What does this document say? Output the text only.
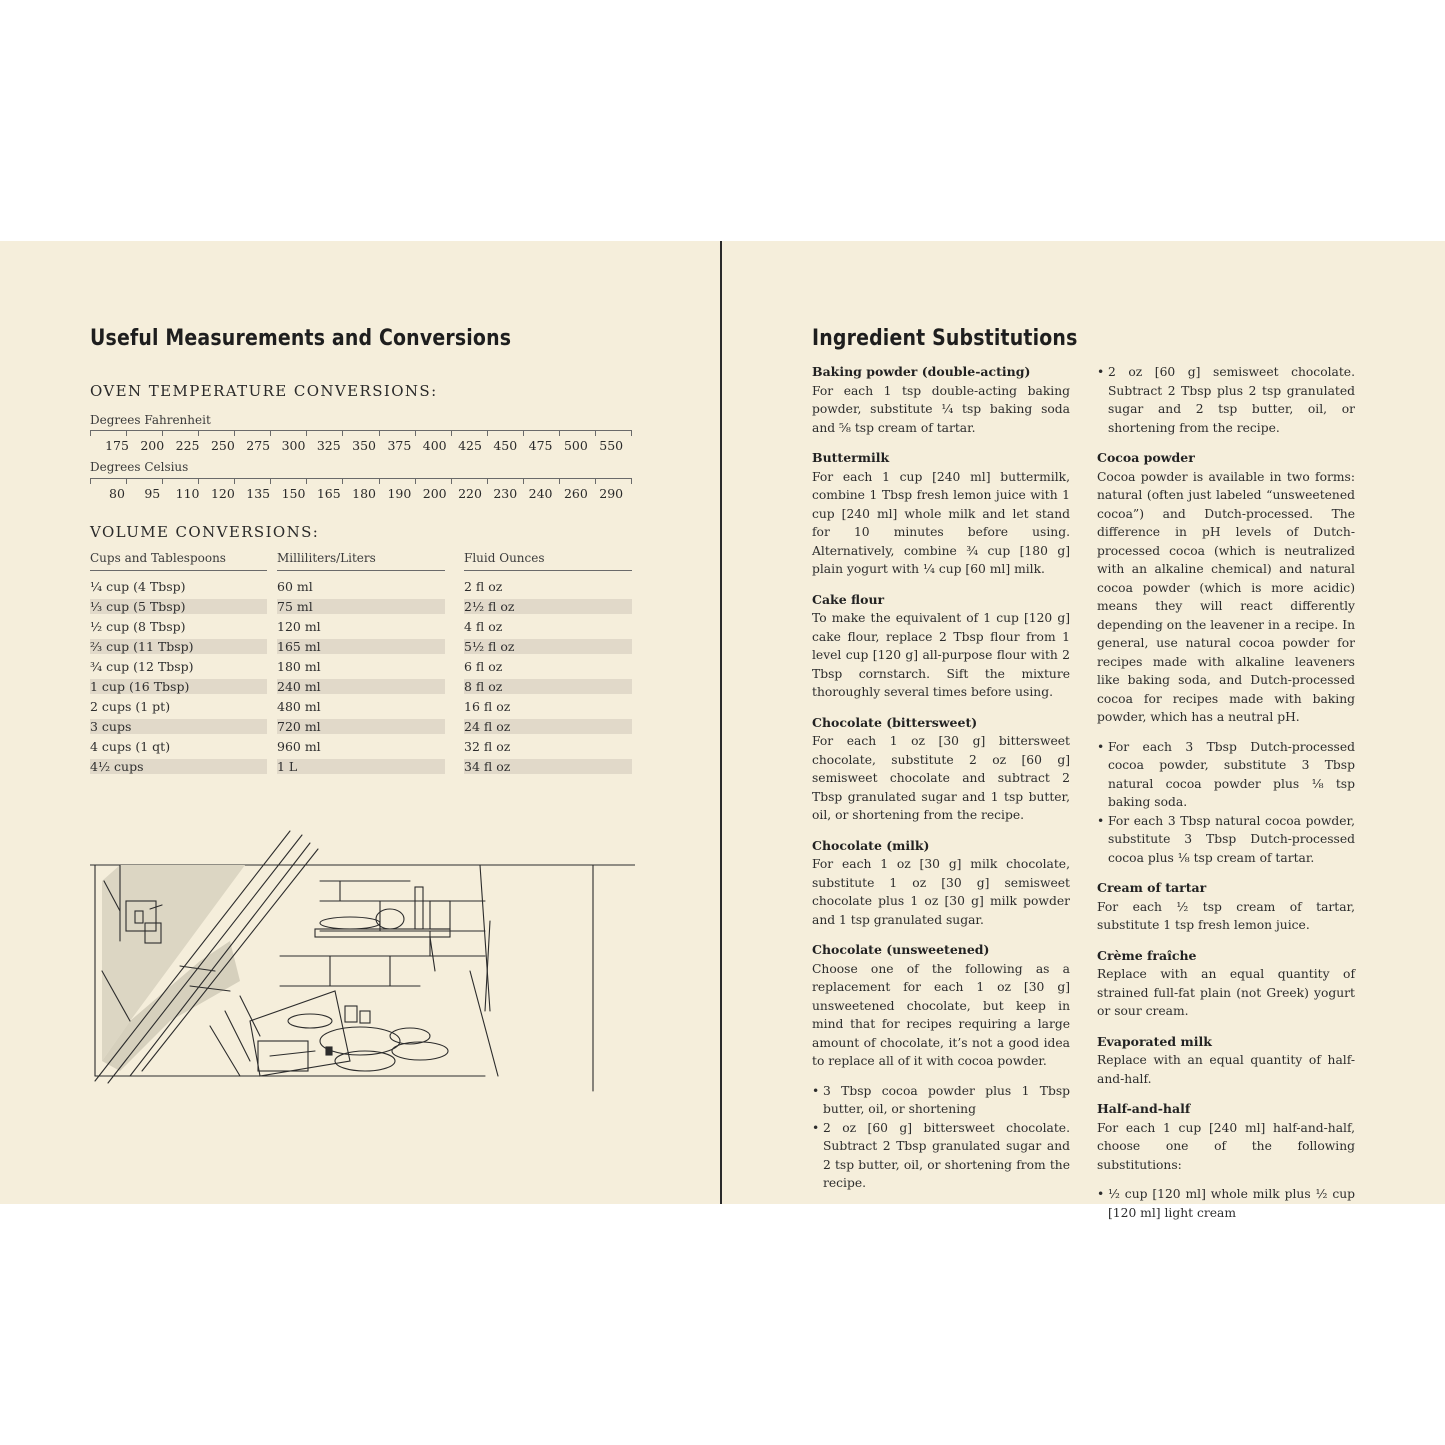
Useful Measurements and Conversions
OVEN TEMPERATURE CONVERSIONS:
Degrees Fahrenheit
175 200 225 250 275 300 325 350 375 400 425 450 475 500 550
Degrees Celsius
80	95	110 120 135 150 165 180 190 200 220 230 240 260 290
VOLUME CONVERSIONS:
Cups and Tablespoons	Milliliters/Liters	Fluid Ounces
¼ cup (4 Tbsp)	60 ml	2 fl oz
⅓ cup (5 Tbsp)	75 ml	2½ fl oz
½ cup (8 Tbsp)	120 ml	4 fl oz
⅔ cup (11 Tbsp)	165 ml	5½ fl oz
¾ cup (12 Tbsp)	180 ml	6 fl oz
1 cup (16 Tbsp)	240 ml	8 fl oz
2 cups (1 pt)	480 ml	16 fl oz
3 cups	720 ml	24 fl oz
4 cups (1 qt)	960 ml	32 fl oz
4½ cups	1 L	34 fl oz
Ingredient Substitutions
Baking powder (double-acting)

For each 1 tsp double-acting baking powder, substitute ¼ tsp baking soda and ⅝ tsp cream of tartar.

Buttermilk

For each 1 cup [240 ml] buttermilk, combine 1 Tbsp fresh lemon juice with 1 cup [240 ml] whole milk and let stand for 10 minutes before using. Alternatively, combine ¾ cup [180 g] plain yogurt with ¼ cup [60 ml] milk.

Cake flour

To make the equivalent of 1 cup [120 g] cake flour, replace 2 Tbsp flour from 1 level cup [120 g] all-purpose flour with 2 Tbsp cornstarch. Sift the mixture thoroughly several times before using.

Chocolate (bittersweet)

For each 1 oz [30 g] bittersweet chocolate, substitute 2 oz [60 g] semisweet chocolate and subtract 2 Tbsp granulated sugar and 1 tsp butter, oil, or shortening from the recipe.

Chocolate (milk)

For each 1 oz [30 g] milk chocolate, substitute 1 oz [30 g] semisweet chocolate plus 1 oz [30 g] milk powder and 1 tsp granulated sugar.

Chocolate (unsweetened)

Choose one of the following as a replacement for each 1 oz [30 g] unsweetened chocolate, but keep in mind that for recipes requiring a large amount of chocolate, it’s not a good idea to replace all of it with cocoa powder.

• 3 Tbsp cocoa powder plus 1 Tbsp butter, oil, or shortening
• 2 oz [60 g] bittersweet chocolate. Subtract 2 Tbsp granulated sugar and 2 tsp butter, oil, or shortening from the recipe.
• 2 oz [60 g] semisweet chocolate. Subtract 2 Tbsp plus 2 tsp granulated sugar and 2 tsp butter, oil, or shortening from the recipe.
Cocoa powder

Cocoa powder is available in two forms: natural (often just labeled “unsweetened cocoa”) and Dutch-processed. The difference in pH levels of Dutch-processed cocoa (which is neutralized with an alkaline chemical) and natural cocoa powder (which is more acidic) means they will react differently depending on the leavener in a recipe. In general, use natural cocoa powder for recipes made with alkaline leaveners like baking soda, and Dutch-processed cocoa for recipes made with baking powder, which has a neutral pH.

• For each 3 Tbsp Dutch-processed cocoa powder, substitute 3 Tbsp natural cocoa powder plus ⅛ tsp baking soda.
• For each 3 Tbsp natural cocoa powder, substitute 3 Tbsp Dutch-processed cocoa plus ⅛ tsp cream of tartar.
Cream of tartar

For each ½ tsp cream of tartar, substitute 1 tsp fresh lemon juice.

Crème fraîche

Replace with an equal quantity of strained full-fat plain (not Greek) yogurt or sour cream.

Evaporated milk

Replace with an equal quantity of half-and-half.

Half-and-half

For each 1 cup [240 ml] half-and-half, choose one of the following substitutions:

• ½ cup [120 ml] whole milk plus ½ cup [120 ml] light cream
